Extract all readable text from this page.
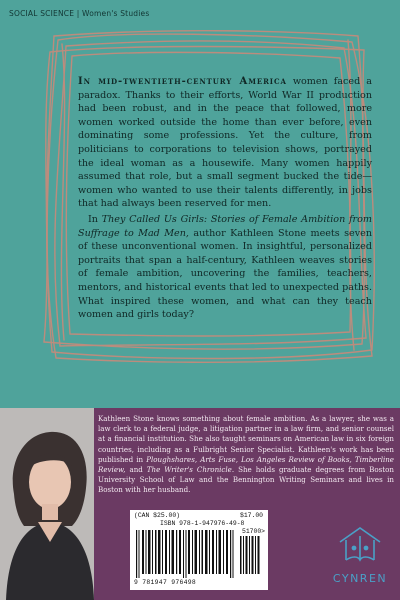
SOCIAL SCIENCE | Women's Studies

In mid-twentieth-century America women faced a paradox. Thanks to their efforts, World War II production had been robust, and in the peace that followed, more women worked outside the home than ever before, even dominating some professions. Yet the culture, from politicians to corporations to television shows, portrayed the ideal woman as a housewife. Many women happily assumed that role, but a small segment bucked the tide—women who wanted to use their talents differently, in jobs that had always been reserved for men.

In They Called Us Girls: Stories of Female Ambition from Suffrage to Mad Men, author Kathleen Stone meets seven of these unconventional women. In insightful, personalized portraits that span a half-century, Kathleen weaves stories of female ambition, uncovering the families, teachers, mentors, and historical events that led to unexpected paths. What inspired these women, and what can they teach women and girls today?

Kathleen Stone knows something about female ambition. As a lawyer, she was a law clerk to a federal judge, a litigation partner in a law firm, and senior counsel at a financial institution. She also taught seminars on American law in six foreign countries, including as a Fulbright Senior Specialist. Kathleen's work has been published in Ploughshares, Arts Fuse, Los Angeles Review of Books, Timberline Review, and The Writer's Chronicle. She holds graduate degrees from Boston University School of Law and the Bennington Writing Seminars and lives in Boston with her husband.

(CAN $25.00)	$17.00
ISBN 978-1-947976-49-8
51700>
9 781947 976498	CYNREN
